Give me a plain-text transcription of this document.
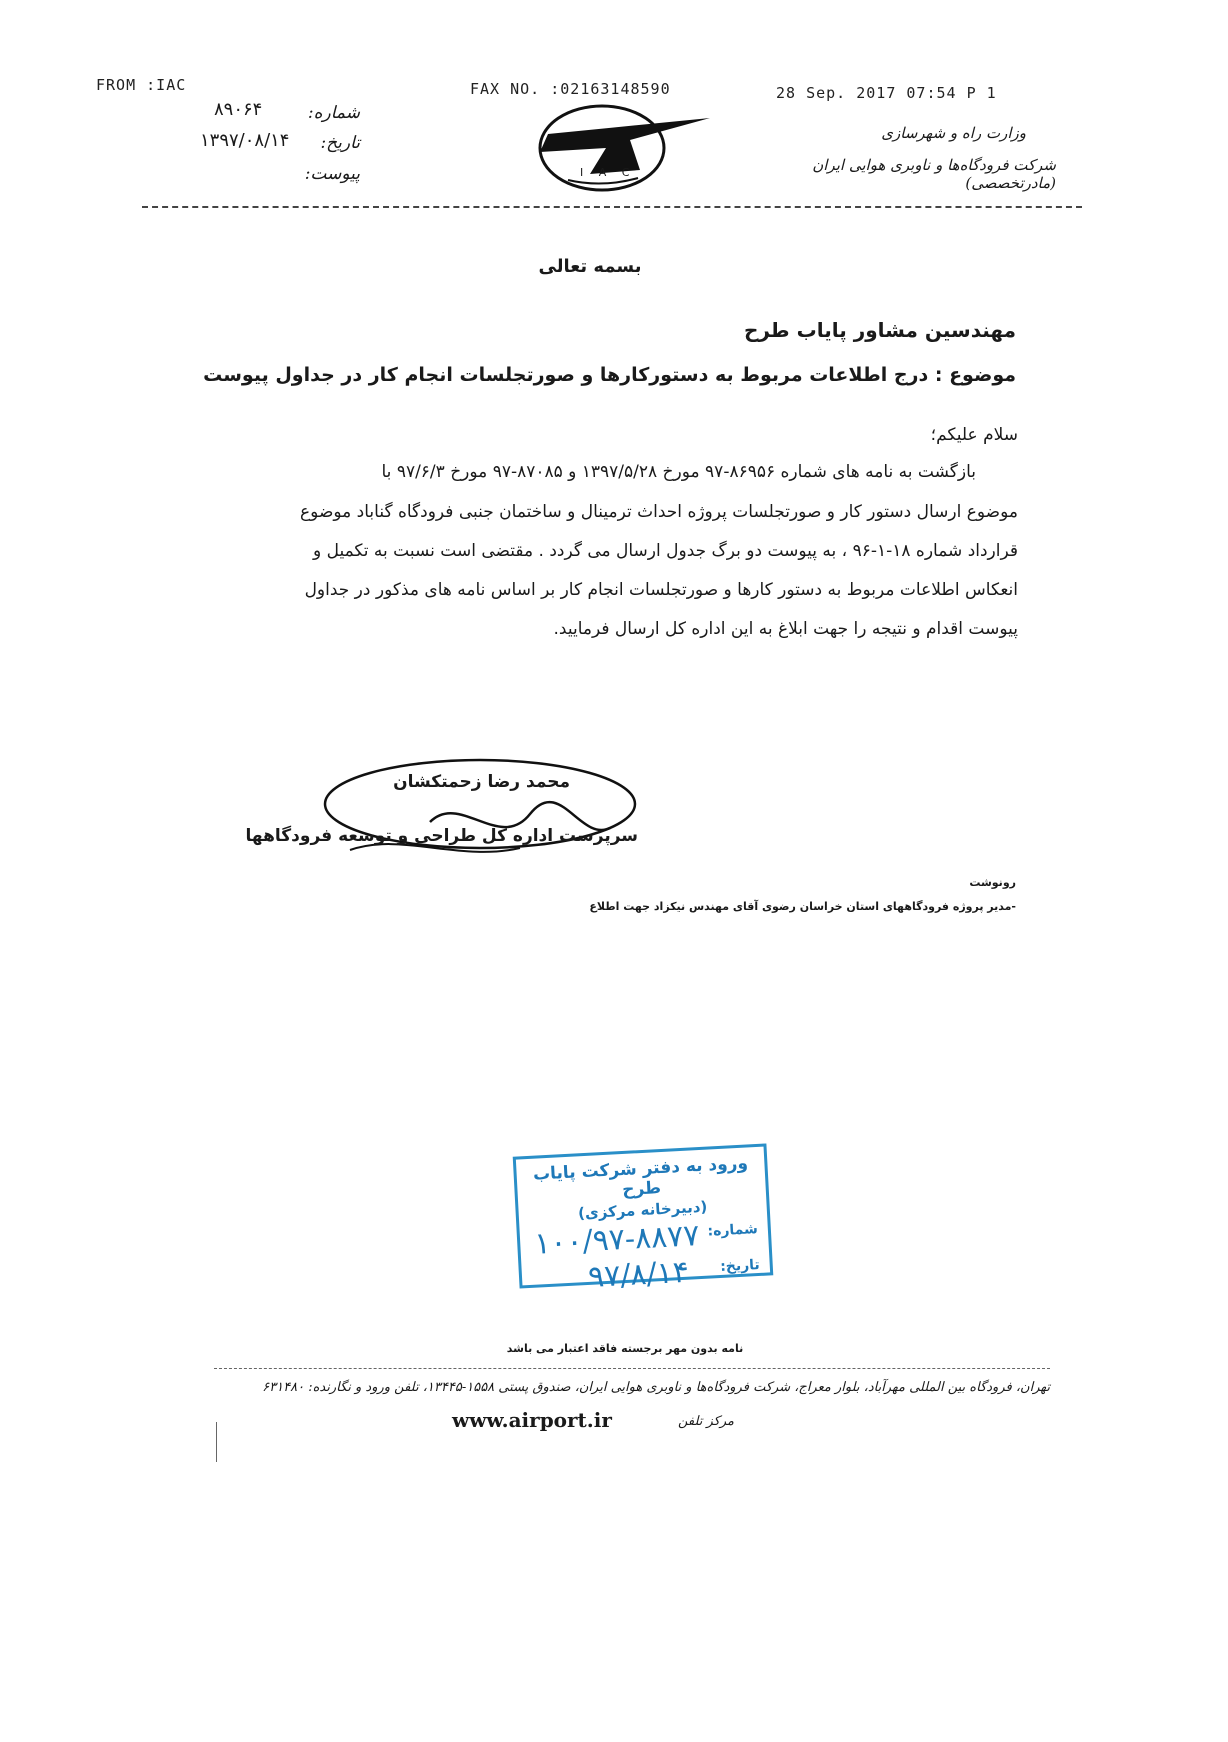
FROM :IAC	FAX NO. :02163148590	28 Sep. 2017 07:54 P 1
شماره:
۸۹۰۶۴
تاریخ:
۱۳۹۷/۰۸/۱۴
پیوست:	I A C
وزارت راه و شهرسازی
شرکت فرودگاه‌ها و ناوبری هوایی ایران (مادرتخصصی)
بسمه تعالی
مهندسین مشاور پایاب طرح
موضوع : درج اطلاعات مربوط به دستورکارها و صورتجلسات انجام کار در جداول پیوست
سلام علیکم؛
بازگشت به نامه های شماره ۸۶۹۵۶-۹۷ مورخ ۱۳۹۷/۵/۲۸ و ۸۷۰۸۵-۹۷ مورخ ۹۷/۶/۳ با
موضوع ارسال دستور کار و صورتجلسات پروژه احداث ترمینال و ساختمان جنبی فرودگاه گناباد موضوع
قرارداد شماره ۱۸-۱-۹۶ ، به پیوست دو برگ جدول ارسال می گردد . مقتضی است نسبت به تکمیل و
انعکاس اطلاعات مربوط به دستور کارها و صورتجلسات انجام کار بر اساس نامه های مذکور در جداول
پیوست اقدام و نتیجه را جهت ابلاغ به این اداره کل ارسال فرمایید.
محمد رضا زحمتکشان
سرپرست اداره کل طراحی و توسعه فرودگاهها
رونوشت
-مدیر پروژه فرودگاههای استان خراسان رضوی آقای مهندس نیکزاد جهت اطلاع
ورود به دفتر شرکت پایاب طرح
(دبیرخانه مرکزی)
شماره:
۱۰۰/۹۷-۸۸۷۷
تاریخ:
۹۷/۸/۱۴
نامه بدون مهر برجسته فاقد اعتبار می باشد
تهران، فرودگاه بین المللی مهرآباد، بلوار معراج، شرکت فرودگاه‌ها و ناوبری هوایی ایران، صندوق پستی ۱۵۵۸-۱۳۴۴۵، تلفن ورود و نگارنده: ۶۳۱۴۸۰
مرکز تلفن
www.airport.ir
